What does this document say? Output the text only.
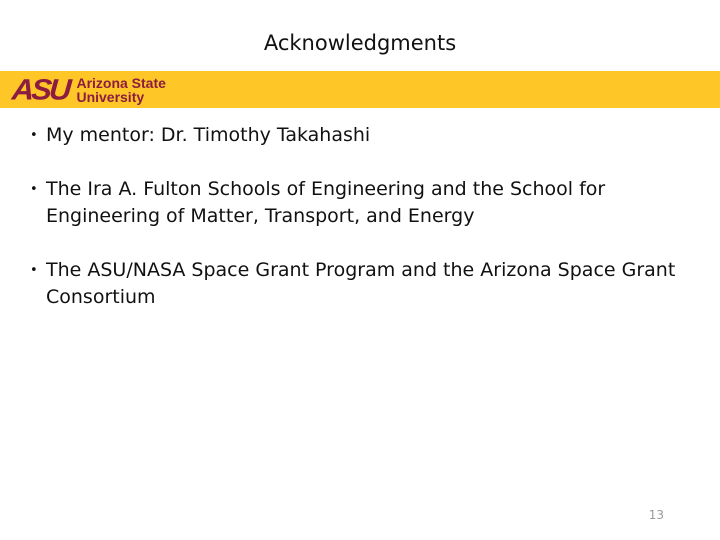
Acknowledgments
ASU Arizona State
University
• My mentor: Dr. Timothy Takahashi
• The Ira A. Fulton Schools of Engineering and the School for Engineering of Matter, Transport, and Energy
• The ASU/NASA Space Grant Program and the Arizona Space Grant Consortium
13
